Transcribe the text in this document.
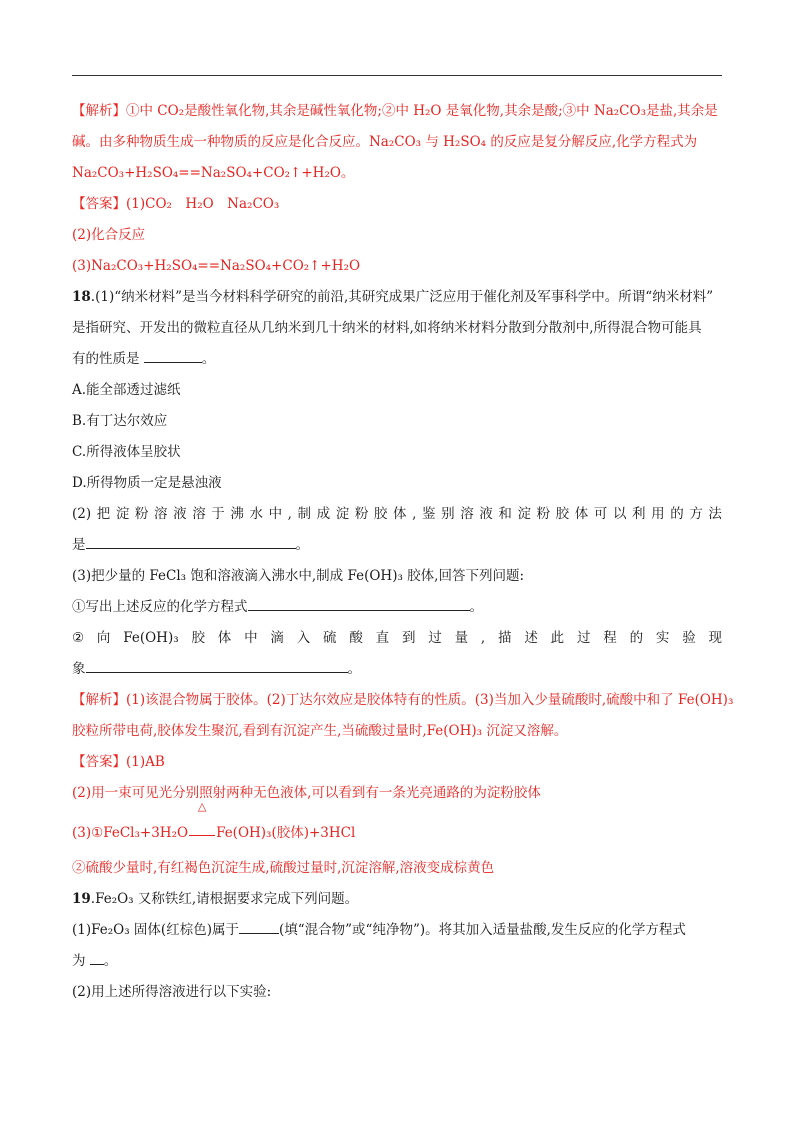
【解析】①中 CO₂是酸性氧化物,其余是碱性氧化物;②中 H₂O 是氧化物,其余是酸;③中 Na₂CO₃是盐,其余是

碱。由多种物质生成一种物质的反应是化合反应。Na₂CO₃ 与 H₂SO₄ 的反应是复分解反应,化学方程式为

Na₂CO₃+H₂SO₄==Na₂SO₄+CO₂↑+H₂O。

【答案】(1)CO₂　H₂O　Na₂CO₃

(2)化合反应

(3)Na₂CO₃+H₂SO₄==Na₂SO₄+CO₂↑+H₂O

18.(1)“纳米材料”是当今材料科学研究的前沿,其研究成果广泛应用于催化剂及军事科学中。所谓“纳米材料”

是指研究、开发出的微粒直径从几纳米到几十纳米的材料,如将纳米材料分散到分散剂中,所得混合物可能具

有的性质是	。

A.能全部透过滤纸

B.有丁达尔效应

C.所得液体呈胶状

D.所得物质一定是悬浊液

(2) 把 淀 粉 溶 液 溶 于 沸 水 中 , 制 成 淀 粉 胶 体 , 鉴 别 溶 液 和 淀 粉 胶 体 可 以 利 用 的 方 法

是	。

(3)把少量的 FeCl₃ 饱和溶液滴入沸水中,制成 Fe(OH)₃ 胶体,回答下列问题:

①写出上述反应的化学方程式	。

② 向 Fe(OH)₃ 胶 体 中 滴 入 硫 酸 直 到 过 量 , 描 述 此 过 程 的 实 验 现

象	。

【解析】(1)该混合物属于胶体。(2)丁达尔效应是胶体特有的性质。(3)当加入少量硫酸时,硫酸中和了 Fe(OH)₃

胶粒所带电荷,胶体发生聚沉,看到有沉淀产生,当硫酸过量时,Fe(OH)₃ 沉淀又溶解。

【答案】(1)AB

(2)用一束可见光分别照射两种无色液体,可以看到有一条光亮通路的为淀粉胶体

(3)①FeCl₃+3H₂O
△
Fe(OH)₃(胶体)+3HCl

②硫酸少量时,有红褐色沉淀生成,硫酸过量时,沉淀溶解,溶液变成棕黄色

19.Fe₂O₃ 又称铁红,请根据要求完成下列问题。

(1)Fe₂O₃ 固体(红棕色)属于	(填“混合物”或“纯净物”)。将其加入适量盐酸,发生反应的化学方程式

为 。

(2)用上述所得溶液进行以下实验:
